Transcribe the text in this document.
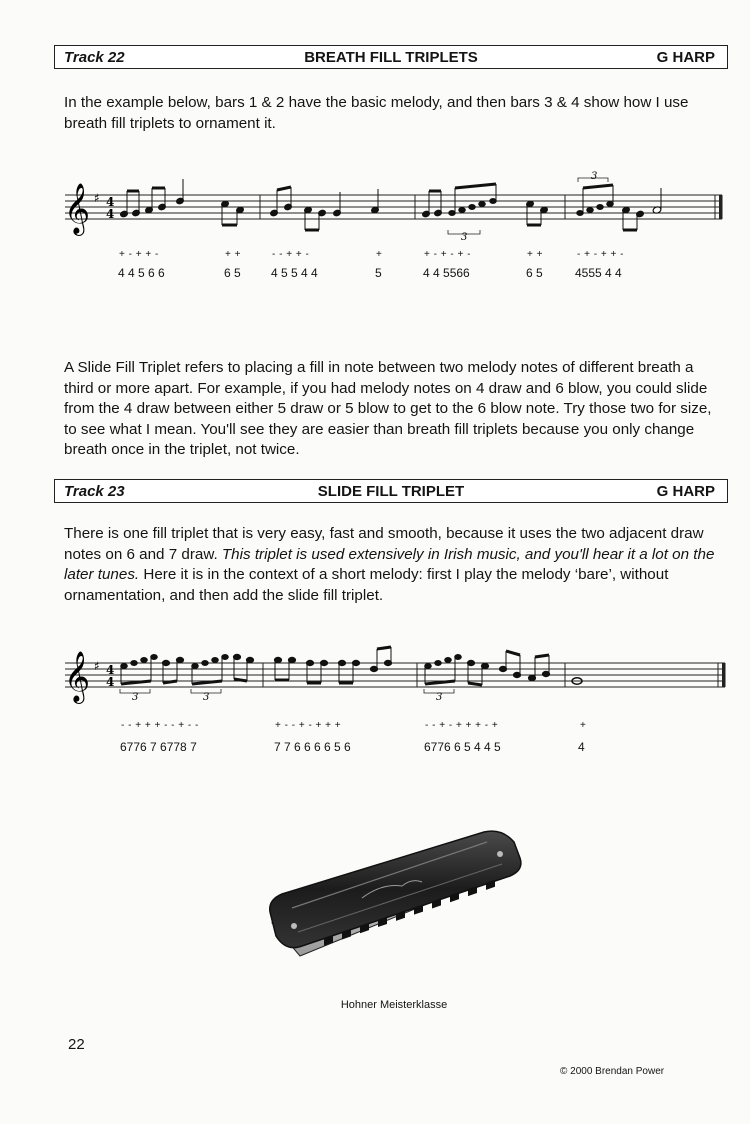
Track 22	BREATH FILL TRIPLETS	G HARP
In the example below, bars 1 & 2 have the basic melody, and then bars 3 & 4 show how I use breath fill triplets to ornament it.
𝄞 ♯ 4
4
3
3
+ - + + -	+ +	- - + + -	+	+ - + - + -	+ +	- + - + + -
4 4 5 6 6	6 5	4 5 5 4 4	5	4 4 5566	6 5	4555 4 4
A Slide Fill Triplet refers to placing a fill in note between two melody notes of different breath a third or more apart. For example, if you had melody notes on 4 draw and 6 blow, you could slide from the 4 draw between either 5 draw or 5 blow to get to the 6 blow note. Try those two for size, to see what I mean. You'll see they are easier than breath fill triplets because you only change breath once in the triplet, not twice.
Track 23	SLIDE FILL TRIPLET	G HARP
There is one fill triplet that is very easy, fast and smooth, because it uses the two adjacent draw notes on 6 and 7 draw. This triplet is used extensively in Irish music, and you'll hear it a lot on the later tunes. Here it is in the context of a short melody: first I play the melody ‘bare’, without ornamentation, and then add the slide fill triplet.
𝄞 ♯ 4
4
3	3	3
- - + + + - - + - -	+ - - + - + + +	- - + - + + + - +	+
6776 7 6778 7	7 7 6 6 6 6 5 6	6776 6 5 4 4 5	4
Hohner Meisterklasse
22
© 2000 Brendan Power
